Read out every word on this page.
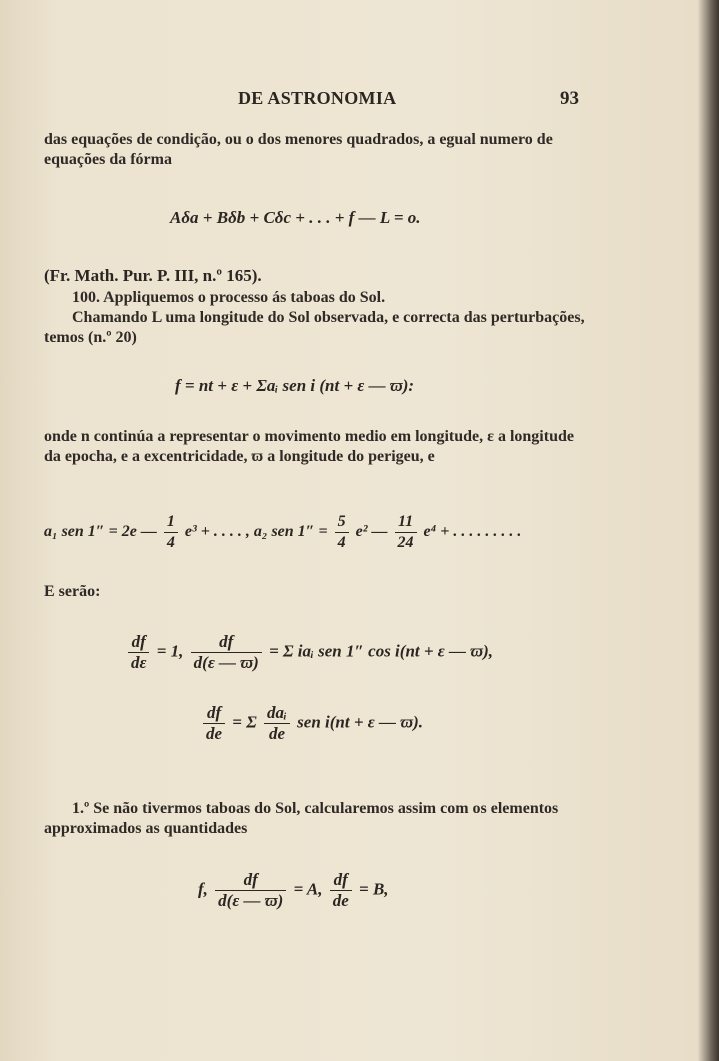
DE ASTRONOMIA	93
das equações de condição, ou o dos menores quadrados, a egual numero de equações da fórma
Aδa + Bδb + Cδc + . . . + f — L = o.
(Fr. Math. Pur. P. III, n.º 165).
100. Appliquemos o processo ás taboas do Sol.
Chamando L uma longitude do Sol observada, e correcta das perturbações, temos (n.º 20)
f = nt + ε + Σaᵢ sen i (nt + ε — ϖ):
onde n continúa a representar o movimento medio em longitude, ε a longitude da epocha, e a excentricidade, ϖ a longitude do perigeu, e
a₁ sen 1″ = 2e — $\frac{1}{4} e^3$ + . . . . , a₂ sen $1'' = \frac{5}{4} e^2$ — $\frac{11}{24} e^4$ + . . . . . . . . .
E serão:
$\frac{df}{d\varepsilon} = 1$, $\frac{df}{d(\varepsilon — ϖ)} = \Sigma$ iaᵢ sen 1″ cos i(nt + ε — ϖ),
$\frac{df}{de} = \Sigma \frac{\text{daᵢ}}{de}$ sen i(nt + ε — ϖ).
1.º Se não tivermos taboas do Sol, calcularemos assim com os elementos approximados as quantidades
f, $\frac{df}{d(\varepsilon — ϖ)} = A$, $\frac{df}{de} = B$,
